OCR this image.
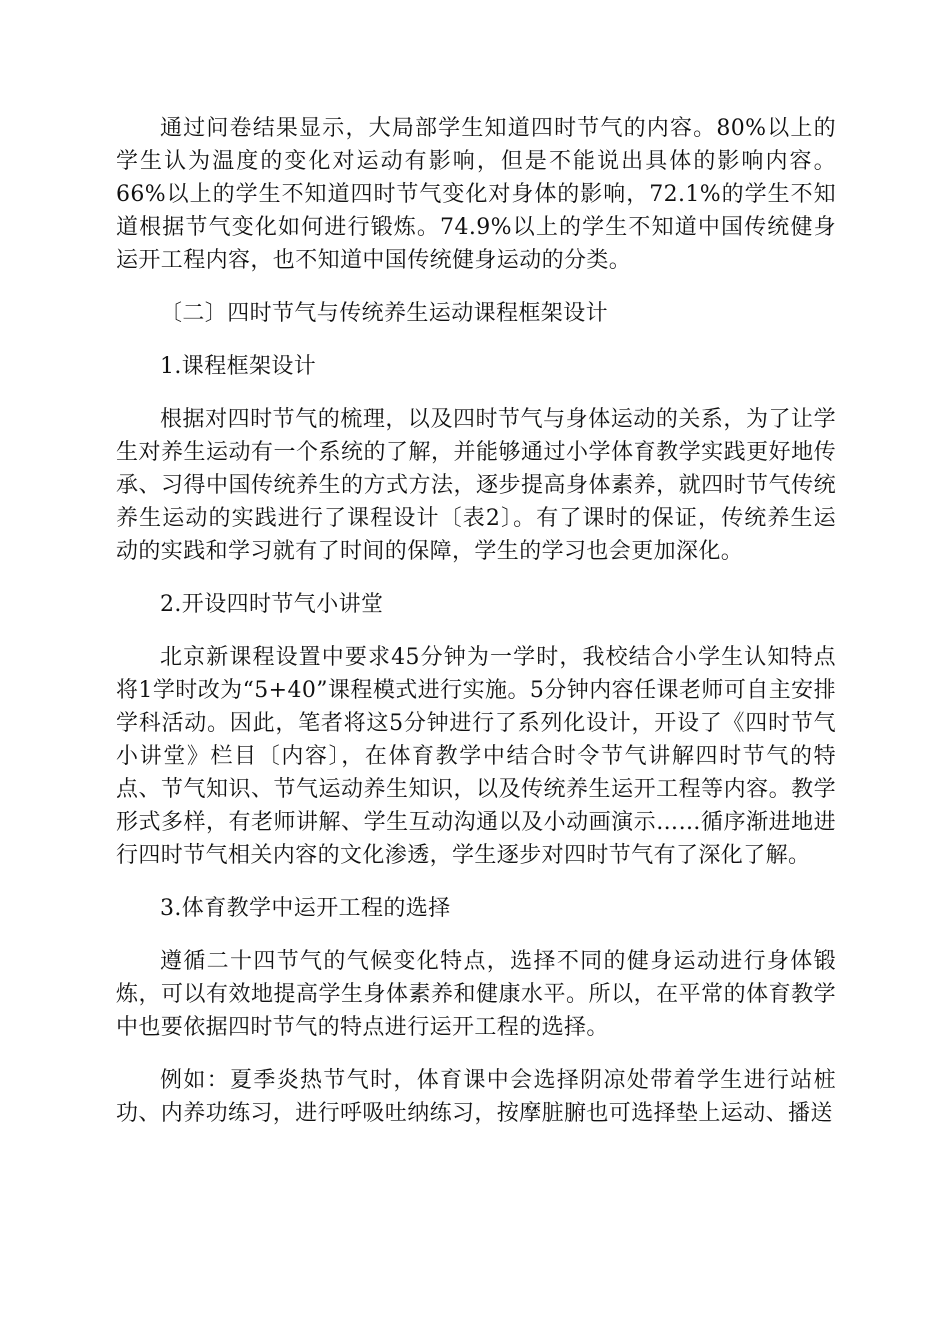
通过问卷结果显示，大局部学生知道四时节气的内容。80%以上的学生认为温度的变化对运动有影响，但是不能说出具体的影响内容。66%以上的学生不知道四时节气变化对身体的影响，72.1%的学生不知道根据节气变化如何进行锻炼。74.9%以上的学生不知道中国传统健身运开工程内容，也不知道中国传统健身运动的分类。

〔二〕四时节气与传统养生运动课程框架设计

1.课程框架设计

根据对四时节气的梳理，以及四时节气与身体运动的关系，为了让学生对养生运动有一个系统的了解，并能够通过小学体育教学实践更好地传承、习得中国传统养生的方式方法，逐步提高身体素养，就四时节气传统养生运动的实践进行了课程设计〔表2〕。有了课时的保证，传统养生运动的实践和学习就有了时间的保障，学生的学习也会更加深化。

2.开设四时节气小讲堂

北京新课程设置中要求45分钟为一学时，我校结合小学生认知特点将1学时改为“5+40”课程模式进行实施。5分钟内容任课老师可自主安排学科活动。因此，笔者将这5分钟进行了系列化设计，开设了《四时节气小讲堂》栏目〔内容〕，在体育教学中结合时令节气讲解四时节气的特点、节气知识、节气运动养生知识，以及传统养生运开工程等内容。教学形式多样，有老师讲解、学生互动沟通以及小动画演示……循序渐进地进行四时节气相关内容的文化渗透，学生逐步对四时节气有了深化了解。

3.体育教学中运开工程的选择

遵循二十四节气的气候变化特点，选择不同的健身运动进行身体锻炼，可以有效地提高学生身体素养和健康水平。所以，在平常的体育教学中也要依据四时节气的特点进行运开工程的选择。

例如：夏季炎热节气时，体育课中会选择阴凉处带着学生进行站桩功、内养功练习，进行呼吸吐纳练习，按摩脏腑也可选择垫上运动、播送
